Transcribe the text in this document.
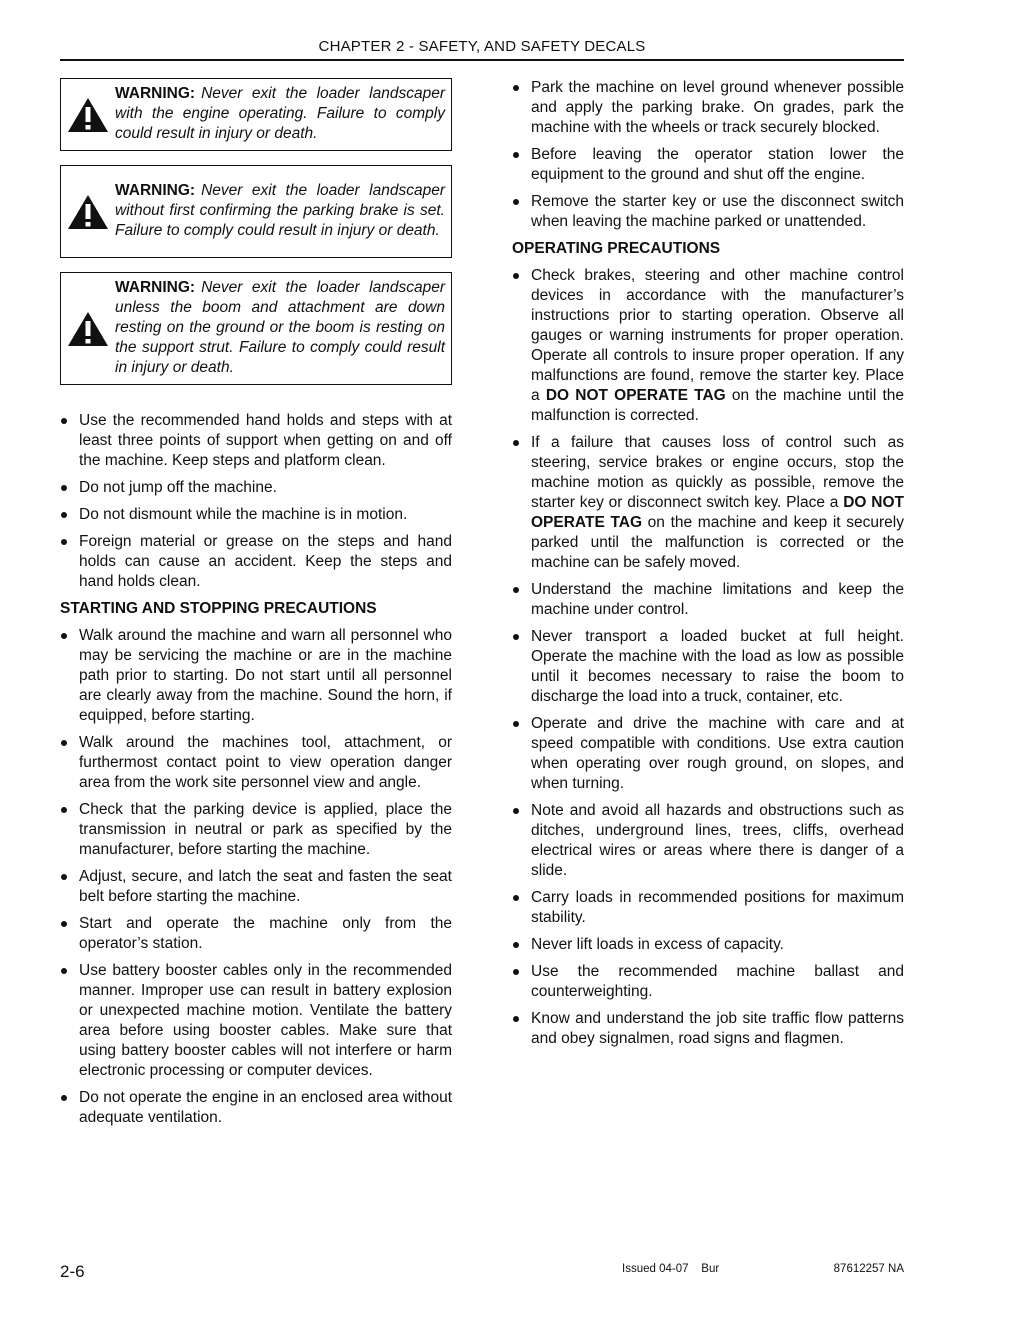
CHAPTER 2 - SAFETY, AND SAFETY DECALS
WARNING: Never exit the loader landscaper with the engine operating. Failure to comply could result in injury or death.
WARNING: Never exit the loader landscaper without first confirming the parking brake is set. Failure to comply could result in injury or death.
WARNING: Never exit the loader landscaper unless the boom and attachment are down resting on the ground or the boom is resting on the support strut. Failure to comply could result in injury or death.
Use the recommended hand holds and steps with at least three points of support when getting on and off the machine. Keep steps and platform clean.
Do not jump off the machine.
Do not dismount while the machine is in motion.
Foreign material or grease on the steps and hand holds can cause an accident. Keep the steps and hand holds clean.
STARTING AND STOPPING PRECAUTIONS
Walk around the machine and warn all personnel who may be servicing the machine or are in the machine path prior to starting. Do not start until all personnel are clearly away from the machine. Sound the horn, if equipped, before starting.
Walk around the machines tool, attachment, or furthermost contact point to view operation danger area from the work site personnel view and angle.
Check that the parking device is applied, place the transmission in neutral or park as specified by the manufacturer, before starting the machine.
Adjust, secure, and latch the seat and fasten the seat belt before starting the machine.
Start and operate the machine only from the operator’s station.
Use battery booster cables only in the recommended manner. Improper use can result in battery explosion or unexpected machine motion. Ventilate the battery area before using booster cables. Make sure that using battery booster cables will not interfere or harm electronic processing or computer devices.
Do not operate the engine in an enclosed area without adequate ventilation.
Park the machine on level ground whenever possible and apply the parking brake. On grades, park the machine with the wheels or track securely blocked.
Before leaving the operator station lower the equipment to the ground and shut off the engine.
Remove the starter key or use the disconnect switch when leaving the machine parked or unattended.
OPERATING PRECAUTIONS
Check brakes, steering and other machine control devices in accordance with the manufacturer’s instructions prior to starting operation. Observe all gauges or warning instruments for proper operation. Operate all controls to insure proper operation. If any malfunctions are found, remove the starter key. Place a DO NOT OPERATE TAG on the machine until the malfunction is corrected.
If a failure that causes loss of control such as steering, service brakes or engine occurs, stop the machine motion as quickly as possible, remove the starter key or disconnect switch key. Place a DO NOT OPERATE TAG on the machine and keep it securely parked until the malfunction is corrected or the machine can be safely moved.
Understand the machine limitations and keep the machine under control.
Never transport a loaded bucket at full height. Operate the machine with the load as low as possible until it becomes necessary to raise the boom to discharge the load into a truck, container, etc.
Operate and drive the machine with care and at speed compatible with conditions. Use extra caution when operating over rough ground, on slopes, and when turning.
Note and avoid all hazards and obstructions such as ditches, underground lines, trees, cliffs, overhead electrical wires or areas where there is danger of a slide.
Carry loads in recommended positions for maximum stability.
Never lift loads in excess of capacity.
Use the recommended machine ballast and counterweighting.
Know and understand the job site traffic flow patterns and obey signalmen, road signs and flagmen.
2-6	Issued 04-07    Bur	87612257 NA
